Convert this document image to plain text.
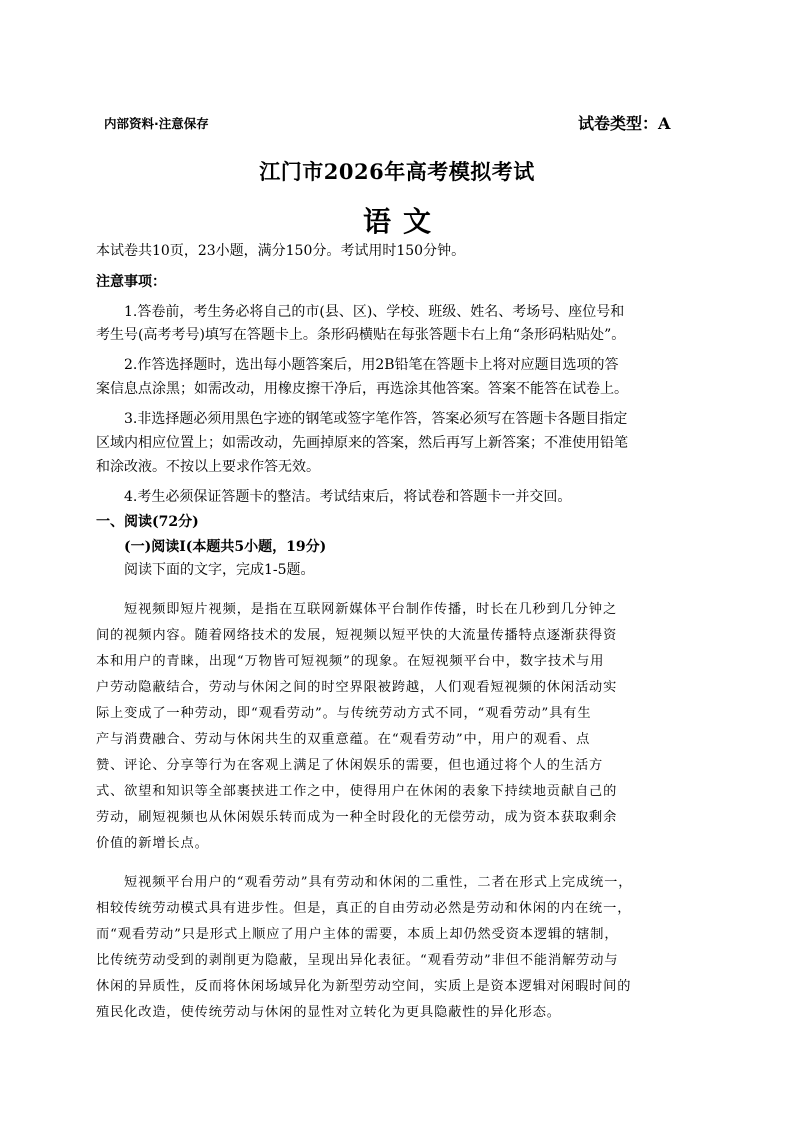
内部资料·注意保存	试卷类型：A
江门市2026年高考模拟考试
语文
本试卷共10页，23小题，满分150分。考试用时150分钟。
注意事项：
1.答卷前，考生务必将自己的市(县、区)、学校、班级、姓名、考场号、座位号和
考生号(高考考号)填写在答题卡上。条形码横贴在每张答题卡右上角“条形码粘贴处”。
2.作答选择题时，选出每小题答案后，用2B铅笔在答题卡上将对应题目选项的答
案信息点涂黑；如需改动，用橡皮擦干净后，再选涂其他答案。答案不能答在试卷上。
3.非选择题必须用黑色字迹的钢笔或签字笔作答，答案必须写在答题卡各题目指定
区域内相应位置上；如需改动，先画掉原来的答案，然后再写上新答案；不准使用铅笔
和涂改液。不按以上要求作答无效。
4.考生必须保证答题卡的整洁。考试结束后，将试卷和答题卡一并交回。
一、阅读(72分)
(一)阅读Ⅰ(本题共5小题，19分)
阅读下面的文字，完成1-5题。
短视频即短片视频，是指在互联网新媒体平台制作传播，时长在几秒到几分钟之
间的视频内容。随着网络技术的发展，短视频以短平快的大流量传播特点逐渐获得资
本和用户的青睐，出现“万物皆可短视频”的现象。在短视频平台中，数字技术与用
户劳动隐蔽结合，劳动与休闲之间的时空界限被跨越，人们观看短视频的休闲活动实
际上变成了一种劳动，即“观看劳动”。与传统劳动方式不同，“观看劳动”具有生
产与消费融合、劳动与休闲共生的双重意蕴。在“观看劳动”中，用户的观看、点
赞、评论、分享等行为在客观上满足了休闲娱乐的需要，但也通过将个人的生活方
式、欲望和知识等全部裹挟进工作之中，使得用户在休闲的表象下持续地贡献自己的
劳动，刷短视频也从休闲娱乐转而成为一种全时段化的无偿劳动，成为资本获取剩余
价值的新增长点。
短视频平台用户的“观看劳动”具有劳动和休闲的二重性，二者在形式上完成统一，
相较传统劳动模式具有进步性。但是，真正的自由劳动必然是劳动和休闲的内在统一，
而“观看劳动”只是形式上顺应了用户主体的需要，本质上却仍然受资本逻辑的辖制，
比传统劳动受到的剥削更为隐蔽，呈现出异化表征。“观看劳动”非但不能消解劳动与
休闲的异质性，反而将休闲场域异化为新型劳动空间，实质上是资本逻辑对闲暇时间的
殖民化改造，使传统劳动与休闲的显性对立转化为更具隐蔽性的异化形态。
